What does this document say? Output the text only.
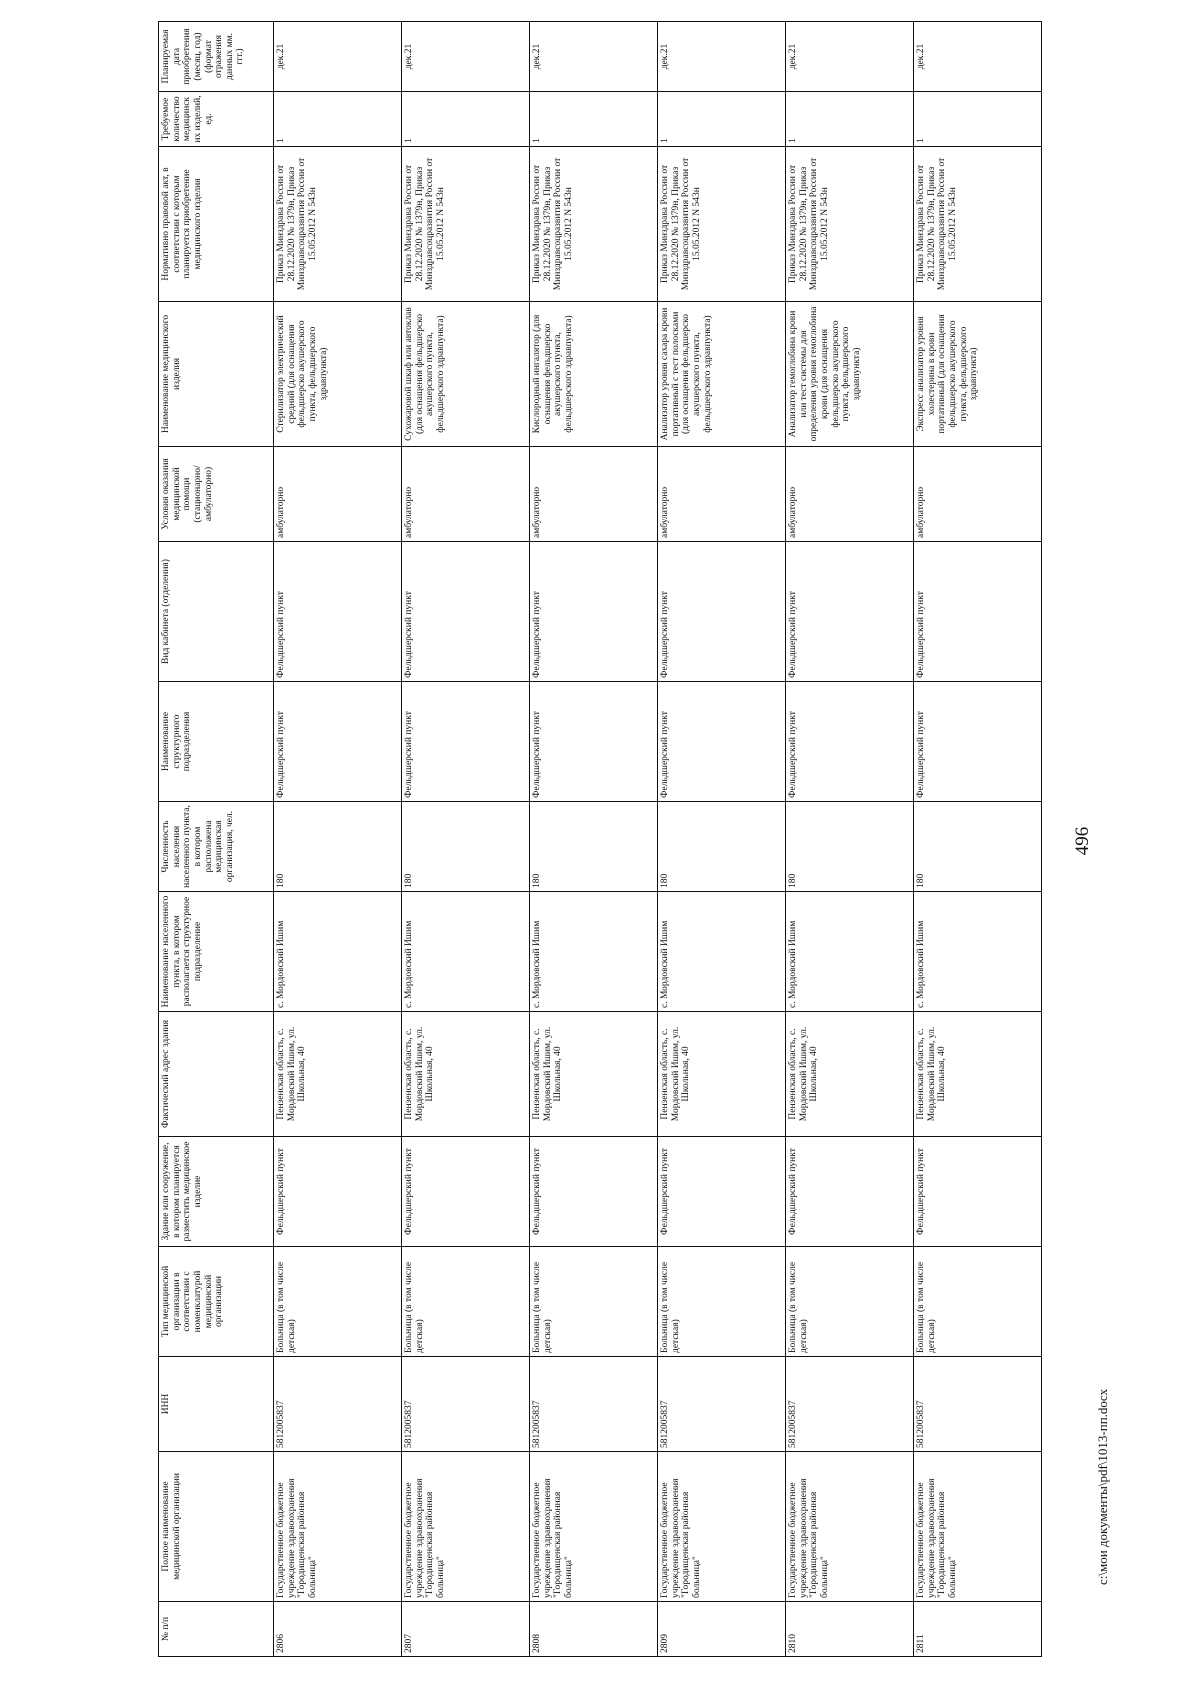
496
№ п/п	Полное наименование медицинской организации	ИНН	Тип медицинской организации в соответствии с номенклатурой медицинской организации	Здание или сооружение, в котором планируется разместить медицинское изделие	Фактический адрес здания	Наименование населенного пункта, в котором располагается структурное подразделение	Численность населения населенного пункта, в котором расположена медицинская организация, чел.	Наименование структурного подразделения	Вид кабинета (отделения)	Условия оказания медицинской помощи (стационарно/ амбулаторно)	Наименование медицинского изделия	Нормативно правовой акт, в соответствии с которым планируется приобретение медицинского изделия	Требуемое количество медицинских изделий, ед.	Планируемая дата приобретения (месяц, год) (формат отражения данных мм. ггг.)
2806	Государственное бюджетное учреждение здравоохранения "Городищенская районная больница"	5812005837	Больница (в том числе детская)	Фельдшерский пункт	Пензенская область, с. Мордовский Ишим, ул. Школьная, 40	с. Мордовский Ишим	180	Фельдшерский пункт	Фельдшерский пункт	амбулаторно	Стерилизатор электрический средний (для оснащения фельдшерско акушерского пункта, фельдшерского здравпункта)	Приказ Минздрава России от 28.12.2020 № 1379н, Приказ Минздравсоцразвития России от 15.05.2012 N 543н	1	дек.21
2807	Государственное бюджетное учреждение здравоохранения "Городищенская районная больница"	5812005837	Больница (в том числе детская)	Фельдшерский пункт	Пензенская область, с. Мордовский Ишим, ул. Школьная, 40	с. Мордовский Ишим	180	Фельдшерский пункт	Фельдшерский пункт	амбулаторно	Сухожаровой шкаф или автоклав (для оснащения фельдшерско акушерского пункта, фельдшерского здравпункта)	Приказ Минздрава России от 28.12.2020 № 1379н, Приказ Минздравсоцразвития России от 15.05.2012 N 543н	1	дек.21
2808	Государственное бюджетное учреждение здравоохранения "Городищенская районная больница"	5812005837	Больница (в том числе детская)	Фельдшерский пункт	Пензенская область, с. Мордовский Ишим, ул. Школьная, 40	с. Мордовский Ишим	180	Фельдшерский пункт	Фельдшерский пункт	амбулаторно	Кислородный ингалятор (для оснащения фельдшерско акушерского пункта, фельдшерского здравпункта)	Приказ Минздрава России от 28.12.2020 № 1379н, Приказ Минздравсоцразвития России от 15.05.2012 N 543н	1	дек.21
2809	Государственное бюджетное учреждение здравоохранения "Городищенская районная больница"	5812005837	Больница (в том числе детская)	Фельдшерский пункт	Пензенская область, с. Мордовский Ишим, ул. Школьная, 40	с. Мордовский Ишим	180	Фельдшерский пункт	Фельдшерский пункт	амбулаторно	Анализатор уровня сахара крови портативный с тест полосками (для оснащения фельдшерско акушерского пункта, фельдшерского здравпункта)	Приказ Минздрава России от 28.12.2020 № 1379н, Приказ Минздравсоцразвития России от 15.05.2012 N 543н	1	дек.21
2810	Государственное бюджетное учреждение здравоохранения "Городищенская районная больница"	5812005837	Больница (в том числе детская)	Фельдшерский пункт	Пензенская область, с. Мордовский Ишим, ул. Школьная, 40	с. Мордовский Ишим	180	Фельдшерский пункт	Фельдшерский пункт	амбулаторно	Анализатор гемоглобина крови или тест системы для определения уровня гемоглобина крови (для оснащения фельдшерско акушерского пункта, фельдшерского здравпункта)	Приказ Минздрава России от 28.12.2020 № 1379н, Приказ Минздравсоцразвития России от 15.05.2012 N 543н	1	дек.21
2811	Государственное бюджетное учреждение здравоохранения "Городищенская районная больница"	5812005837	Больница (в том числе детская)	Фельдшерский пункт	Пензенская область, с. Мордовский Ишим, ул. Школьная, 40	с. Мордовский Ишим	180	Фельдшерский пункт	Фельдшерский пункт	амбулаторно	Экспресс анализатор уровня холестерина в крови портативный (для оснащения фельдшерско акушерского пункта, фельдшерского здравпункта)	Приказ Минздрава России от 28.12.2020 № 1379н, Приказ Минздравсоцразвития России от 15.05.2012 N 543н	1	дек.21
c:\мои документы\pdf\1013-пп.docx
